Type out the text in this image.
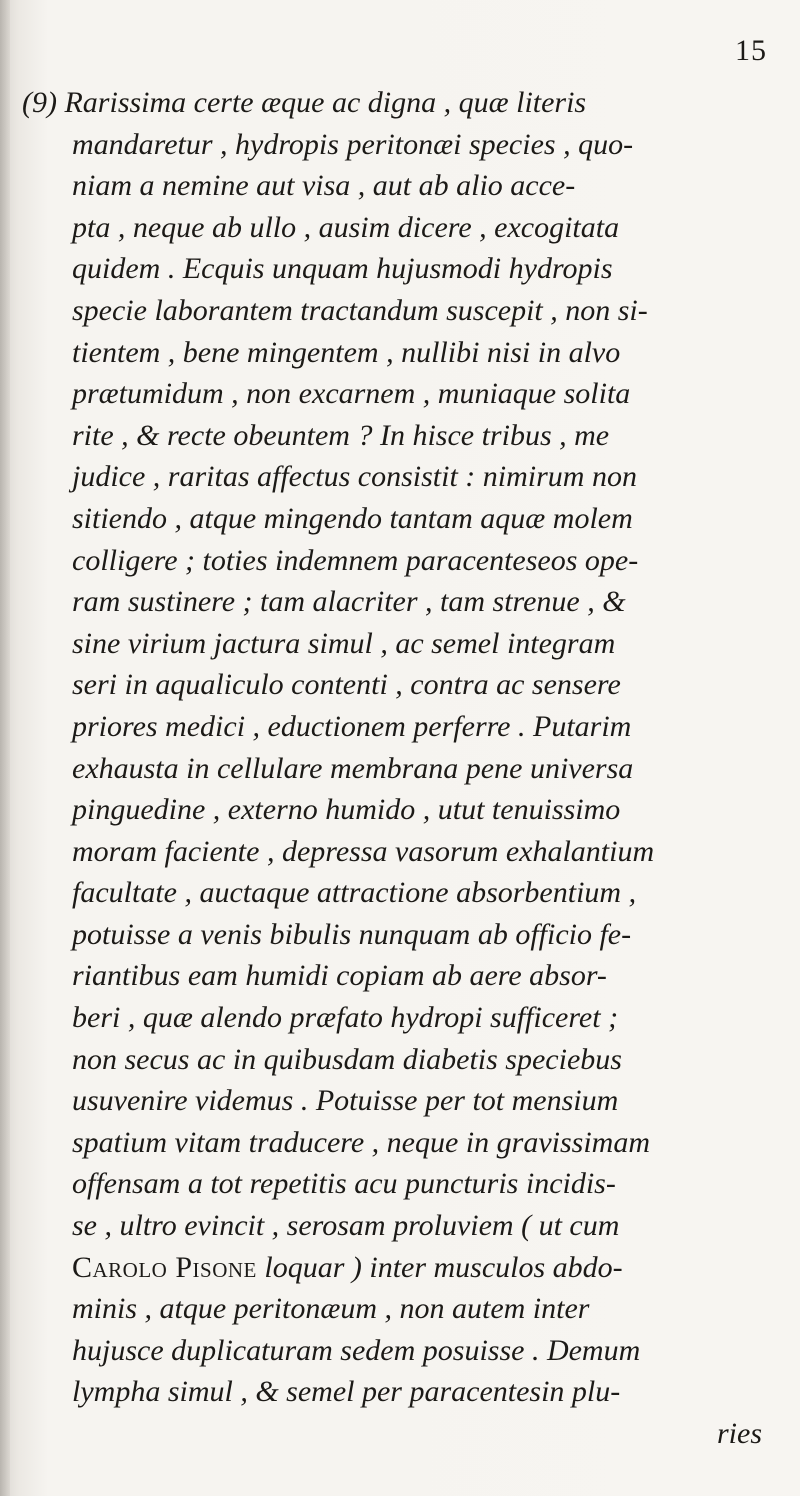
15
(9) Rarissima certe æque ac digna , quæ literis
mandaretur , hydropis peritonæi species , quo-
niam a nemine aut visa , aut ab alio acce-
pta , neque ab ullo , ausim dicere , excogitata
quidem . Ecquis unquam hujusmodi hydropis
specie laborantem tractandum suscepit , non si-
tientem , bene mingentem , nullibi nisi in alvo
prætumidum , non excarnem , muniaque solita
rite , & recte obeuntem ? In hisce tribus , me
judice , raritas affectus consistit : nimirum non
sitiendo , atque mingendo tantam aquæ molem
colligere ; toties indemnem paracentesеos ope-
ram sustinere ; tam alacriter , tam strenue , &
sine virium jactura simul , ac semel integram
seri in aqualiculo contenti , contra ac sensere
priores medici , eductionem perferre . Putarim
exhausta in cellulare membrana pene universa
pinguedine , externo humido , utut tenuissimo
moram faciente , depressa vasorum exhalantium
facultate , auctaque attractione absorbentium ,
potuisse a venis bibulis nunquam ab officio fe-
riantibus eam humidi copiam ab aere absor-
beri , quæ alendo præfato hydropi sufficeret ;
non secus ac in quibusdam diabetis speciebus
usuvenire videmus . Potuisse per tot mensium
spatium vitam traducere , neque in gravissimam
offensam a tot repetitis acu puncturis incidis-
se , ultro evincit , serosam proluviem ( ut cum
Carolo Pisone loquar ) inter musculos abdo-
minis , atque peritonæum , non autem inter
hujusce duplicaturam sedem posuisse . Demum
lympha simul , & semel per paracentesin plu-
ries
